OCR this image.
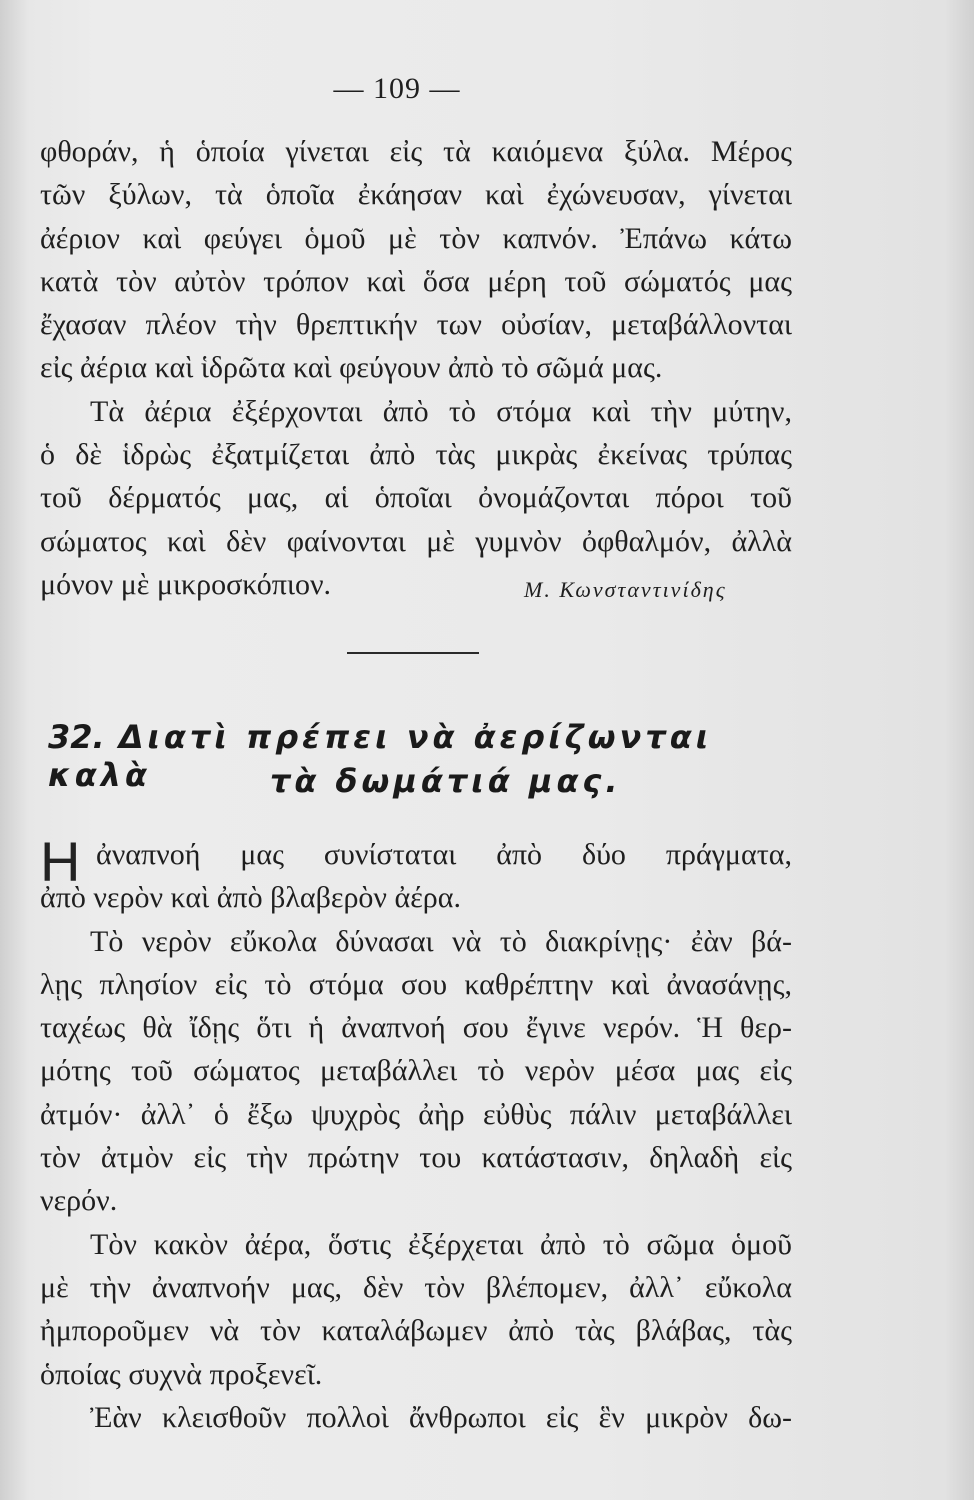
— 109 —
φθοράν, ἡ ὁποία γίνεται εἰς τὰ καιόμενα ξύλα. Μέρος
τῶν ξύλων, τὰ ὁποῖα ἐκάησαν καὶ ἐχώνευσαν, γίνεται
ἀέριον καὶ φεύγει ὁμοῦ μὲ τὸν καπνόν. Ἐπάνω κάτω
κατὰ τὸν αὐτὸν τρόπον καὶ ὅσα μέρη τοῦ σώματός μας
ἔχασαν πλέον τὴν θρεπτικήν των οὐσίαν, μεταβάλλονται
εἰς ἀέρια καὶ ἱδρῶτα καὶ φεύγουν ἀπὸ τὸ σῶμά μας.
Τὰ ἀέρια ἐξέρχονται ἀπὸ τὸ στόμα καὶ τὴν μύτην,
ὁ δὲ ἱδρὼς ἐξατμίζεται ἀπὸ τὰς μικρὰς ἐκείνας τρύπας
τοῦ δέρματός μας, αἱ ὁποῖαι ὀνομάζονται πόροι τοῦ
σώματος καὶ δὲν φαίνονται μὲ γυμνὸν ὀφθαλμόν, ἀλλὰ
μόνον μὲ μικροσκόπιον.	Μ. Κωνσταντινίδης
32. Διατὶ πρέπει νὰ ἀερίζωνται καλὰ	τὰ δωμάτιά μας.
Η ἀναπνοή μας συνίσταται ἀπὸ δύο πράγματα,
ἀπὸ νερὸν καὶ ἀπὸ βλαβερὸν ἀέρα.
Τὸ νερὸν εὔκολα δύνασαι νὰ τὸ διακρίνῃς· ἐὰν βά-
λῃς πλησίον εἰς τὸ στόμα σου καθρέπτην καὶ ἀνασάνῃς,
ταχέως θὰ ἴδῃς ὅτι ἡ ἀναπνοή σου ἔγινε νερόν. Ἡ θερ-
μότης τοῦ σώματος μεταβάλλει τὸ νερὸν μέσα μας εἰς
ἀτμόν· ἀλλ᾿ ὁ ἔξω ψυχρὸς ἀὴρ εὐθὺς πάλιν μεταβάλλει
τὸν ἀτμὸν εἰς τὴν πρώτην του κατάστασιν, δηλαδὴ εἰς
νερόν.
Τὸν κακὸν ἀέρα, ὅστις ἐξέρχεται ἀπὸ τὸ σῶμα ὁμοῦ
μὲ τὴν ἀναπνοήν μας, δὲν τὸν βλέπομεν, ἀλλ᾿ εὔκολα
ἠμποροῦμεν νὰ τὸν καταλάβωμεν ἀπὸ τὰς βλάβας, τὰς
ὁποίας συχνὰ προξενεῖ.
Ἐὰν κλεισθοῦν πολλοὶ ἄνθρωποι εἰς ἓν μικρὸν δω-
